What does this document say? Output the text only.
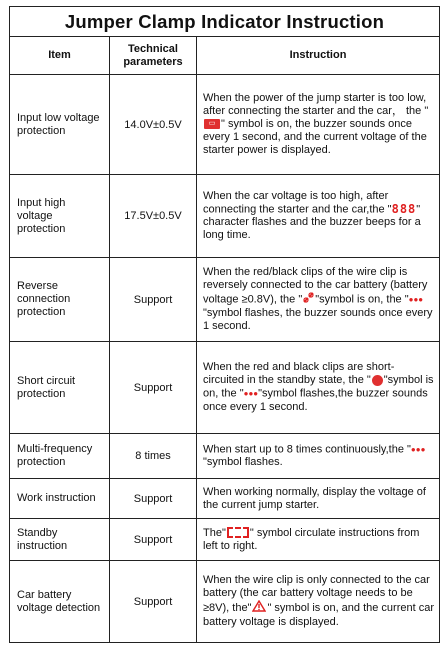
Jumper Clamp Indicator Instruction		
Item	Technical parameters	Instruction
Input low voltage protection	14.0V±0.5V	When the power of the jump starter is too low, after connecting the starter and the car， the "▭ " symbol is on, the buzzer sounds once every 1 second, and the current voltage of the starter power is displayed.
Input high voltage protection	17.5V±0.5V	When the car voltage is too high, after connecting the starter and the car,the "888" character flashes and the buzzer beeps for a long time.
Reverse connection protection	Support	When the red/black clips of the wire clip is reversely connected to the car battery (battery voltage ≥0.8V), the " "symbol is on, the "●●●"symbol flashes, the buzzer sounds once every 1 second.
Short circuit protection	Support	When the red and black clips are short-circuited in the standby state, the " "symbol is on, the "●●●"symbol flashes,the buzzer sounds once every 1 second.
Multi-frequency protection	8 times	When start up to 8 times continuously,the "●●●"symbol flashes.
Work instruction	Support	When working normally, display the voltage of the current jump starter.
Standby instruction	Support	The" " symbol circulate instructions from left to right.
Car battery voltage detection	Support	When the wire clip is only connected to the car battery (the car battery voltage needs to be ≥8V), the" " symbol is on, and the current car battery voltage is displayed.
